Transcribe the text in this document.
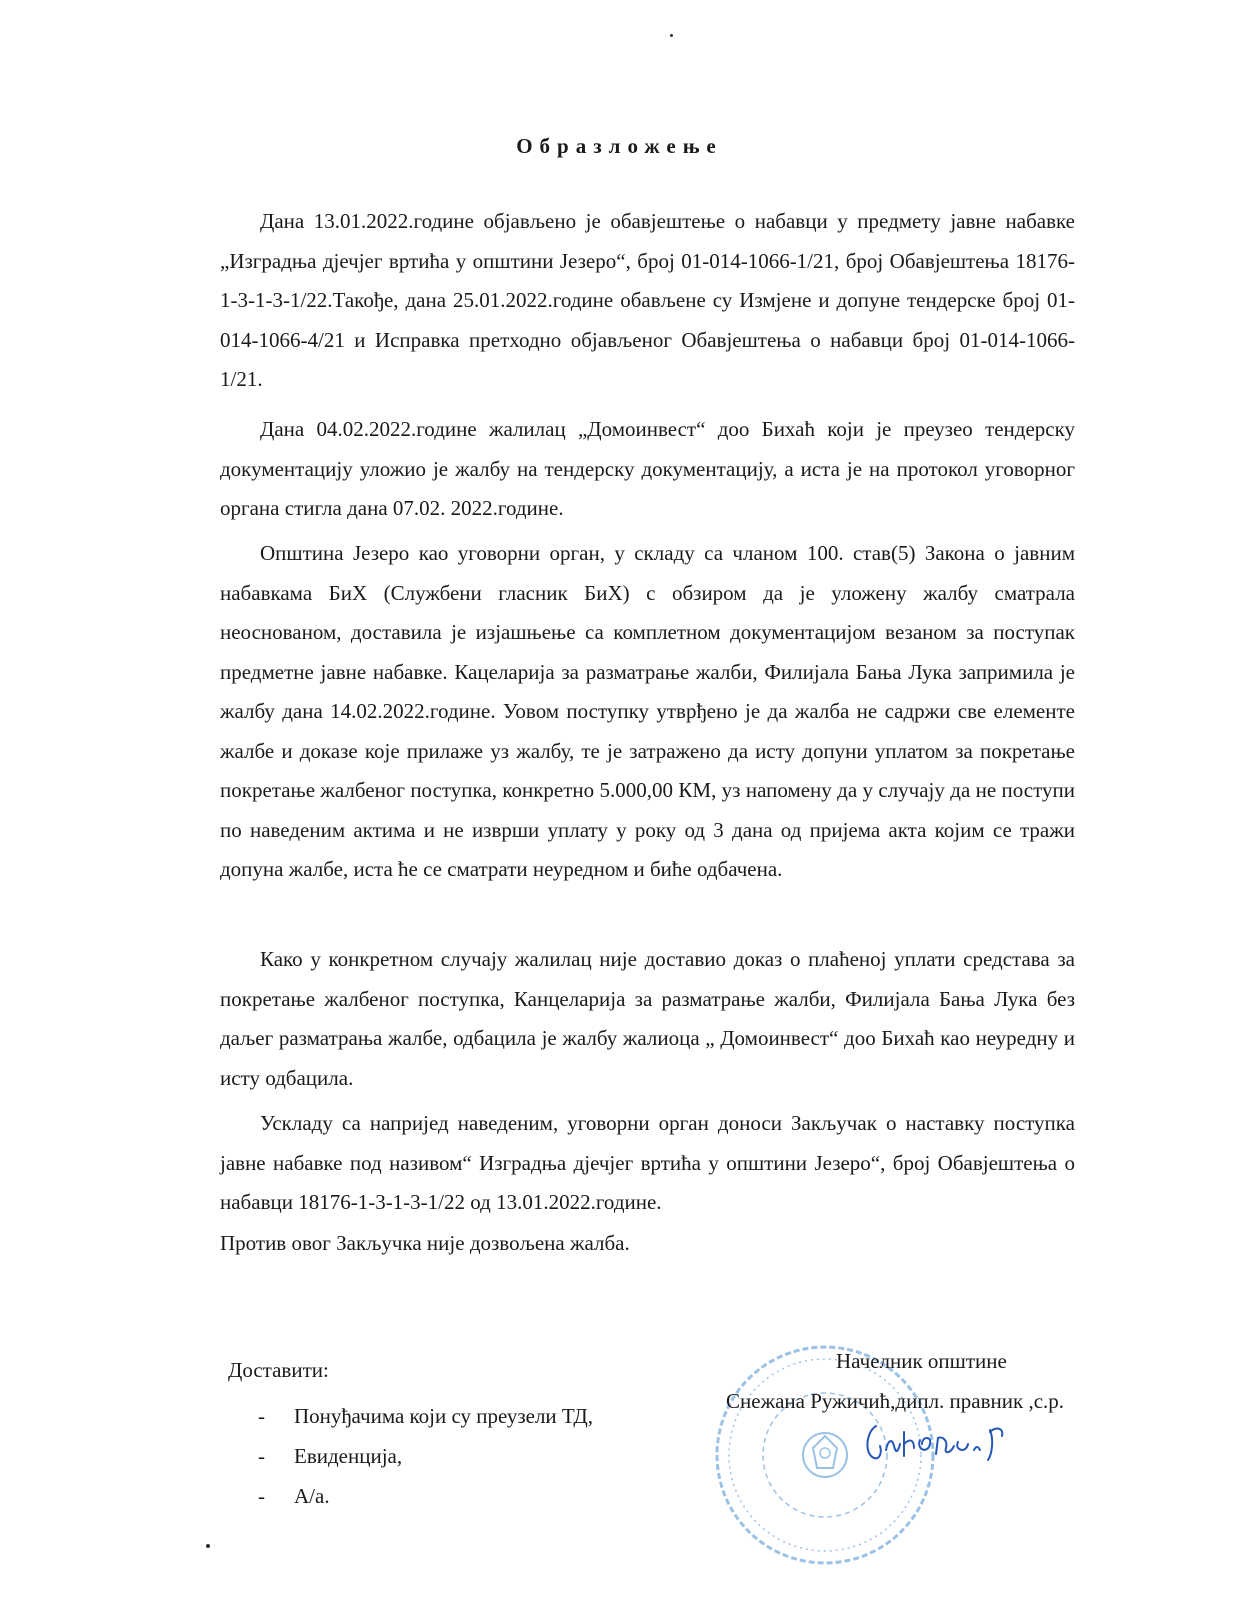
Образложење

Дана 13.01.2022.године објављено је обавјештење о набавци у предмету јавне набавке „Изградња дјечјег вртића у општини Језеро“, број 01-014-1066-1/21, број Обавјештења 18176-1-3-1-3-1/22.Такође, дана 25.01.2022.године обављене су Измјене и допуне тендерске број 01-014-1066-4/21 и Исправка претходно објављеног Обавјештења о набавци број 01-014-1066-1/21.

Дана 04.02.2022.године жалилац „Домоинвест“ доо Бихаћ који је преузео тендерску документацију уложио је жалбу на тендерску документацију, а иста је на протокол уговорног органа стигла дана 07.02. 2022.године.

Општина Језеро као уговорни орган, у складу са чланом 100. став(5) Закона о јавним набавкама БиХ (Службени гласник БиХ) с обзиром да је уложену жалбу сматрала неоснованом, доставила је изјашњење са комплетном документацијом везаном за поступак предметне јавне набавке. Кацеларија за разматрање жалби, Филијала Бања Лука запримила је жалбу дана 14.02.2022.године. Уовом поступку утврђено је да жалба не садржи све елементе жалбе и доказе које прилаже уз жалбу, те је затражено да исту допуни уплатом за покретање покретање жалбеног поступка, конкретно 5.000,00 КМ, уз напомену да у случају да не поступи по наведеним актима и не изврши уплату у року од 3 дана од пријема акта којим се тражи допуна жалбе, иста ће се сматрати неуредном и биће одбачена.

Како у конкретном случају жалилац није доставио доказ о плаћеној уплати средстава за покретање жалбеног поступка, Канцеларија за разматрање жалби, Филијала Бања Лука без даљег разматрања жалбе, одбацила је жалбу жалиоца „ Домоинвест“ доо Бихаћ као неуредну и исту одбацила.

Ускладу са напријед наведеним, уговорни орган доноси Закључак о наставку поступка јавне набавке под називом“ Изградња дјечјег вртића у општини Језеро“, број Обавјештења о набавци 18176-1-3-1-3-1/22 од 13.01.2022.године.

Против овог Закључка није дозвољена жалба.

Доставити:
- Понуђачима који су преузели ТД,
- Евиденција,
- А/а.
Начелник општине
Снежана Ружичић,дипл. правник ,с.р.
